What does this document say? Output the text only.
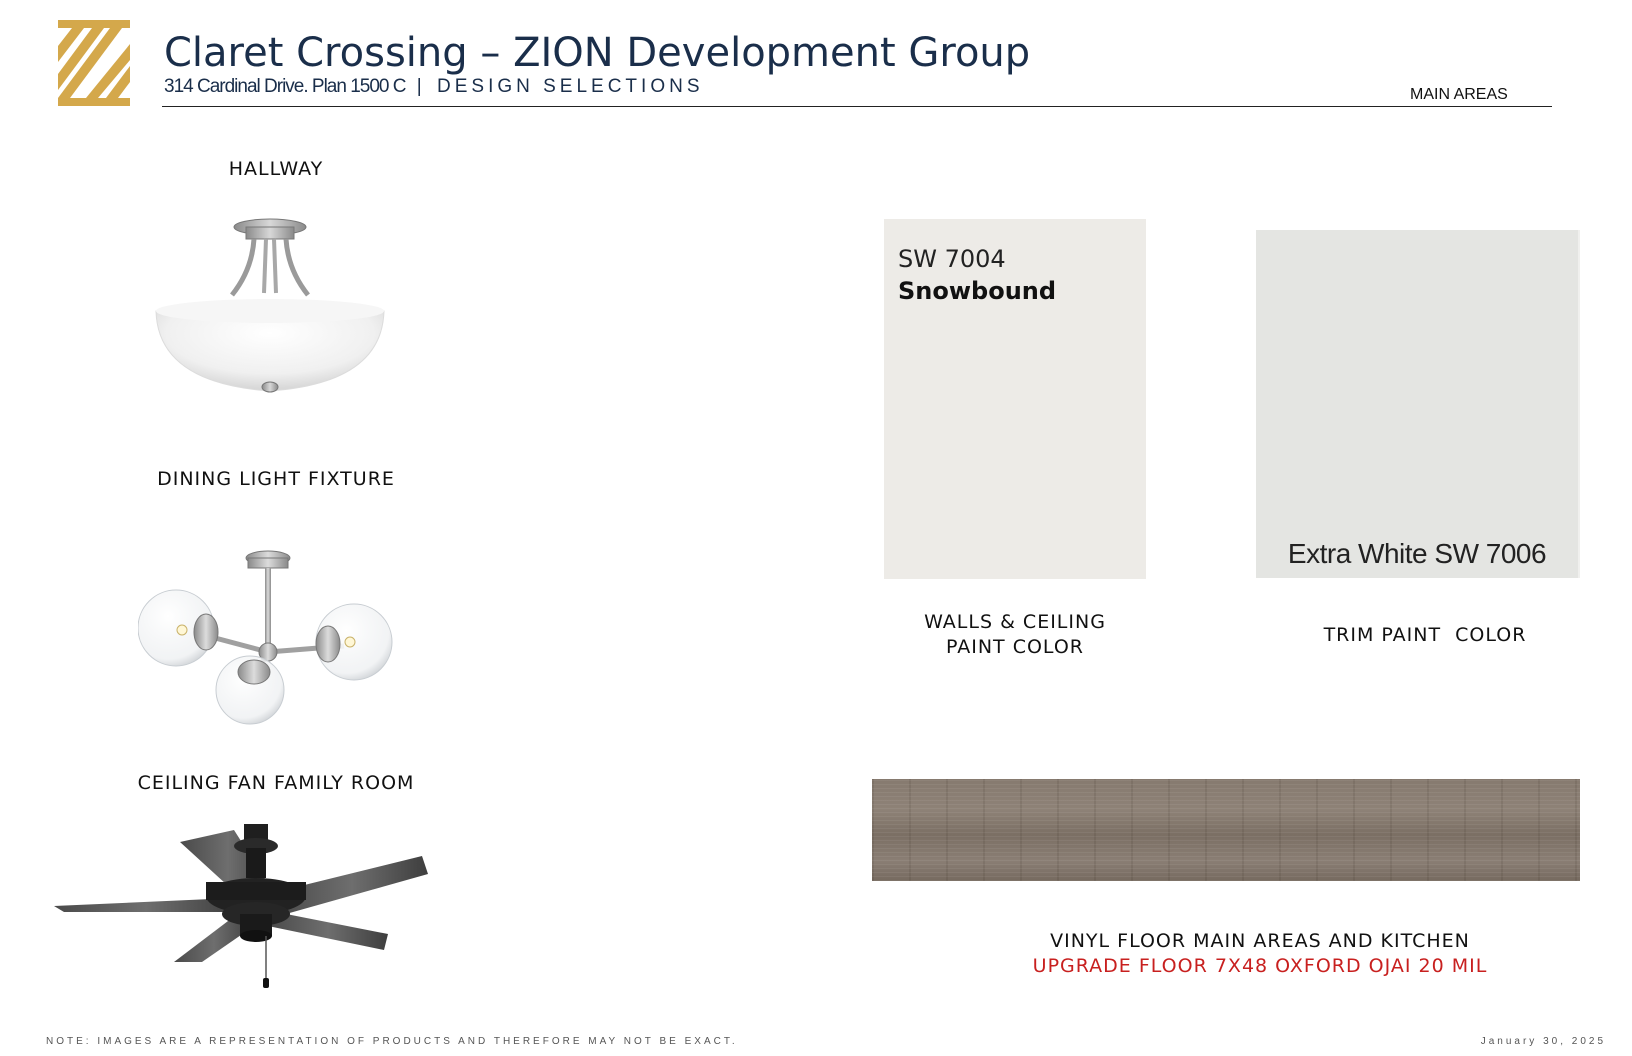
Claret Crossing – ZION Development Group
314 Cardinal Drive. Plan 1500 C | DESIGN SELECTIONS	MAIN AREAS
HALLWAY
DINING LIGHT FIXTURE
CEILING FAN FAMILY ROOM
SW 7004
Snowbound
Extra White SW 7006
WALLS & CEILING
PAINT COLOR
TRIM PAINT  COLOR
VINYL FLOOR MAIN AREAS AND KITCHEN
UPGRADE FLOOR 7X48 OXFORD OJAI 20 MIL
NOTE: IMAGES ARE A REPRESENTATION OF PRODUCTS AND THEREFORE MAY NOT BE EXACT.	January 30, 2025
